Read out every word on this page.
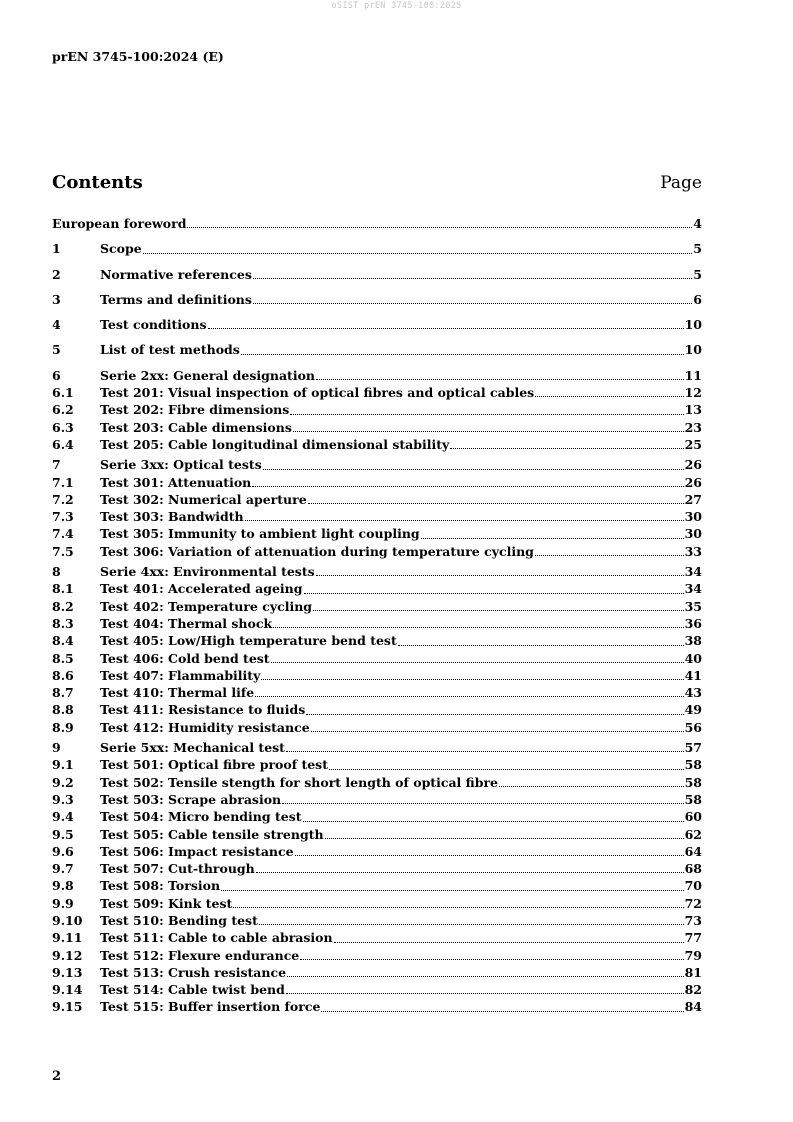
oSIST prEN 3745-100:2025
prEN 3745-100:2024 (E)
Contents	Page
European foreword	4
1	Scope	5
2	Normative references	5
3	Terms and definitions	6
4	Test conditions	10
5	List of test methods	10
6	Serie 2xx: General designation	11
6.1	Test 201: Visual inspection of optical fibres and optical cables	12
6.2	Test 202: Fibre dimensions	13
6.3	Test 203: Cable dimensions	23
6.4	Test 205: Cable longitudinal dimensional stability	25
7	Serie 3xx: Optical tests	26
7.1	Test 301: Attenuation	26
7.2	Test 302: Numerical aperture	27
7.3	Test 303: Bandwidth	30
7.4	Test 305: Immunity to ambient light coupling	30
7.5	Test 306: Variation of attenuation during temperature cycling	33
8	Serie 4xx: Environmental tests	34
8.1	Test 401: Accelerated ageing	34
8.2	Test 402: Temperature cycling	35
8.3	Test 404: Thermal shock	36
8.4	Test 405: Low/High temperature bend test	38
8.5	Test 406: Cold bend test	40
8.6	Test 407: Flammability	41
8.7	Test 410: Thermal life	43
8.8	Test 411: Resistance to fluids	49
8.9	Test 412: Humidity resistance	56
9	Serie 5xx: Mechanical test	57
9.1	Test 501: Optical fibre proof test	58
9.2	Test 502: Tensile stength for short length of optical fibre	58
9.3	Test 503: Scrape abrasion	58
9.4	Test 504: Micro bending test	60
9.5	Test 505: Cable tensile strength	62
9.6	Test 506: Impact resistance	64
9.7	Test 507: Cut-through	68
9.8	Test 508: Torsion	70
9.9	Test 509: Kink test	72
9.10	Test 510: Bending test	73
9.11	Test 511: Cable to cable abrasion	77
9.12	Test 512: Flexure endurance	79
9.13	Test 513: Crush resistance	81
9.14	Test 514: Cable twist bend	82
9.15	Test 515: Buffer insertion force	84
2
